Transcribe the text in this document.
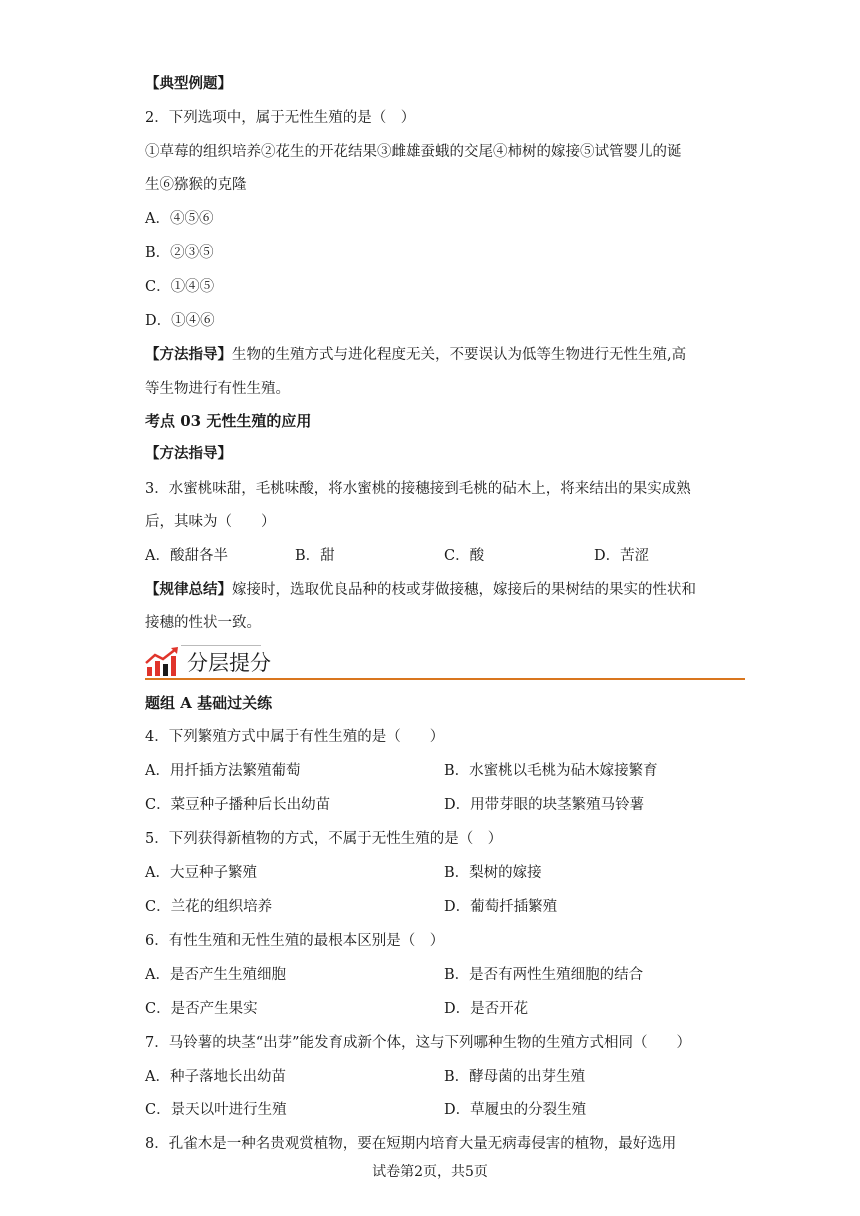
【典型例题】
2．下列选项中，属于无性生殖的是（　）
①草莓的组织培养②花生的开花结果③雌雄蚕蛾的交尾④柿树的嫁接⑤试管婴儿的诞
生⑥猕猴的克隆
A．④⑤⑥
B．②③⑤
C．①④⑤
D．①④⑥
【方法指导】生物的生殖方式与进化程度无关，不要误认为低等生物进行无性生殖,高
等生物进行有性生殖。
考点 03 无性生殖的应用
【方法指导】
3．水蜜桃味甜，毛桃味酸，将水蜜桃的接穗接到毛桃的砧木上，将来结出的果实成熟
后，其味为（　　）
A．酸甜各半	B．甜	C．酸	D．苦涩
【规律总结】嫁接时，选取优良品种的枝或芽做接穗，嫁接后的果树结的果实的性状和
接穗的性状一致。
分层提分
题组 A 基础过关练
4．下列繁殖方式中属于有性生殖的是（　　）
A．用扦插方法繁殖葡萄	B．水蜜桃以毛桃为砧木嫁接繁育
C．菜豆种子播种后长出幼苗	D．用带芽眼的块茎繁殖马铃薯
5．下列获得新植物的方式，不属于无性生殖的是（　）
A．大豆种子繁殖	B．梨树的嫁接
C．兰花的组织培养	D．葡萄扦插繁殖
6．有性生殖和无性生殖的最根本区别是（　）
A．是否产生生殖细胞	B．是否有两性生殖细胞的结合
C．是否产生果实	D．是否开花
7．马铃薯的块茎“出芽”能发育成新个体，这与下列哪种生物的生殖方式相同（　　）
A．种子落地长出幼苗	B．酵母菌的出芽生殖
C．景天以叶进行生殖	D．草履虫的分裂生殖
8．孔雀木是一种名贵观赏植物，要在短期内培育大量无病毒侵害的植物，最好选用
试卷第2页，共5页
